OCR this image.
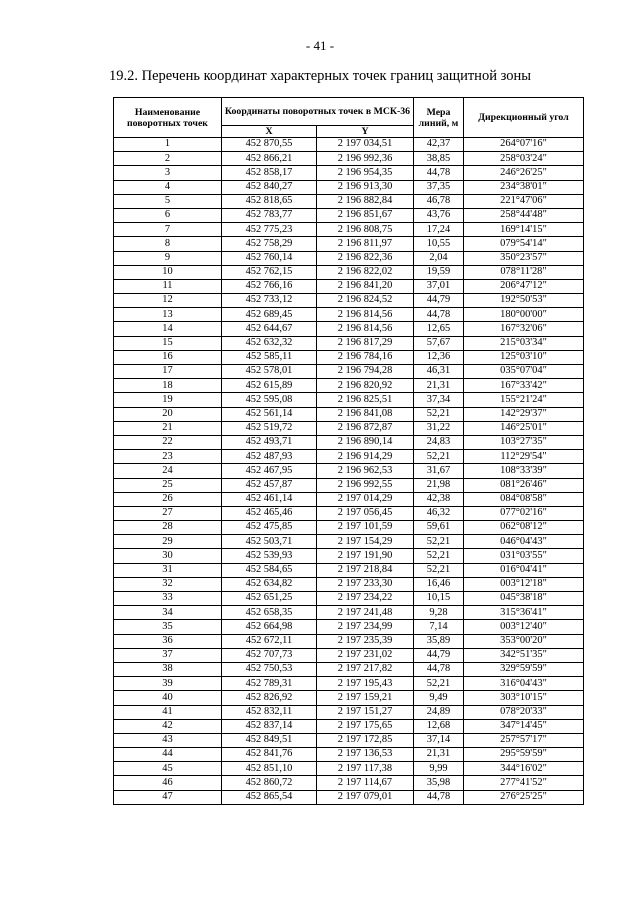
- 41 -
19.2. Перечень координат характерных точек границ защитной зоны
Наименование поворотных точек	Координаты поворотных точек в МСК-36		Мера линий, м	Дирекционный угол
	X	Y		
1	452 870,55	2 197 034,51	42,37	264°07'16"
2	452 866,21	2 196 992,36	38,85	258°03'24"
3	452 858,17	2 196 954,35	44,78	246°26'25"
4	452 840,27	2 196 913,30	37,35	234°38'01"
5	452 818,65	2 196 882,84	46,78	221°47'06"
6	452 783,77	2 196 851,67	43,76	258°44'48"
7	452 775,23	2 196 808,75	17,24	169°14'15"
8	452 758,29	2 196 811,97	10,55	079°54'14"
9	452 760,14	2 196 822,36	2,04	350°23'57"
10	452 762,15	2 196 822,02	19,59	078°11'28"
11	452 766,16	2 196 841,20	37,01	206°47'12"
12	452 733,12	2 196 824,52	44,79	192°50'53"
13	452 689,45	2 196 814,56	44,78	180°00'00"
14	452 644,67	2 196 814,56	12,65	167°32'06"
15	452 632,32	2 196 817,29	57,67	215°03'34"
16	452 585,11	2 196 784,16	12,36	125°03'10"
17	452 578,01	2 196 794,28	46,31	035°07'04"
18	452 615,89	2 196 820,92	21,31	167°33'42"
19	452 595,08	2 196 825,51	37,34	155°21'24"
20	452 561,14	2 196 841,08	52,21	142°29'37"
21	452 519,72	2 196 872,87	31,22	146°25'01"
22	452 493,71	2 196 890,14	24,83	103°27'35"
23	452 487,93	2 196 914,29	52,21	112°29'54"
24	452 467,95	2 196 962,53	31,67	108°33'39"
25	452 457,87	2 196 992,55	21,98	081°26'46"
26	452 461,14	2 197 014,29	42,38	084°08'58"
27	452 465,46	2 197 056,45	46,32	077°02'16"
28	452 475,85	2 197 101,59	59,61	062°08'12"
29	452 503,71	2 197 154,29	52,21	046°04'43"
30	452 539,93	2 197 191,90	52,21	031°03'55"
31	452 584,65	2 197 218,84	52,21	016°04'41"
32	452 634,82	2 197 233,30	16,46	003°12'18"
33	452 651,25	2 197 234,22	10,15	045°38'18"
34	452 658,35	2 197 241,48	9,28	315°36'41"
35	452 664,98	2 197 234,99	7,14	003°12'40"
36	452 672,11	2 197 235,39	35,89	353°00'20"
37	452 707,73	2 197 231,02	44,79	342°51'35"
38	452 750,53	2 197 217,82	44,78	329°59'59"
39	452 789,31	2 197 195,43	52,21	316°04'43"
40	452 826,92	2 197 159,21	9,49	303°10'15"
41	452 832,11	2 197 151,27	24,89	078°20'33"
42	452 837,14	2 197 175,65	12,68	347°14'45"
43	452 849,51	2 197 172,85	37,14	257°57'17"
44	452 841,76	2 197 136,53	21,31	295°59'59"
45	452 851,10	2 197 117,38	9,99	344°16'02"
46	452 860,72	2 197 114,67	35,98	277°41'52"
47	452 865,54	2 197 079,01	44,78	276°25'25"
